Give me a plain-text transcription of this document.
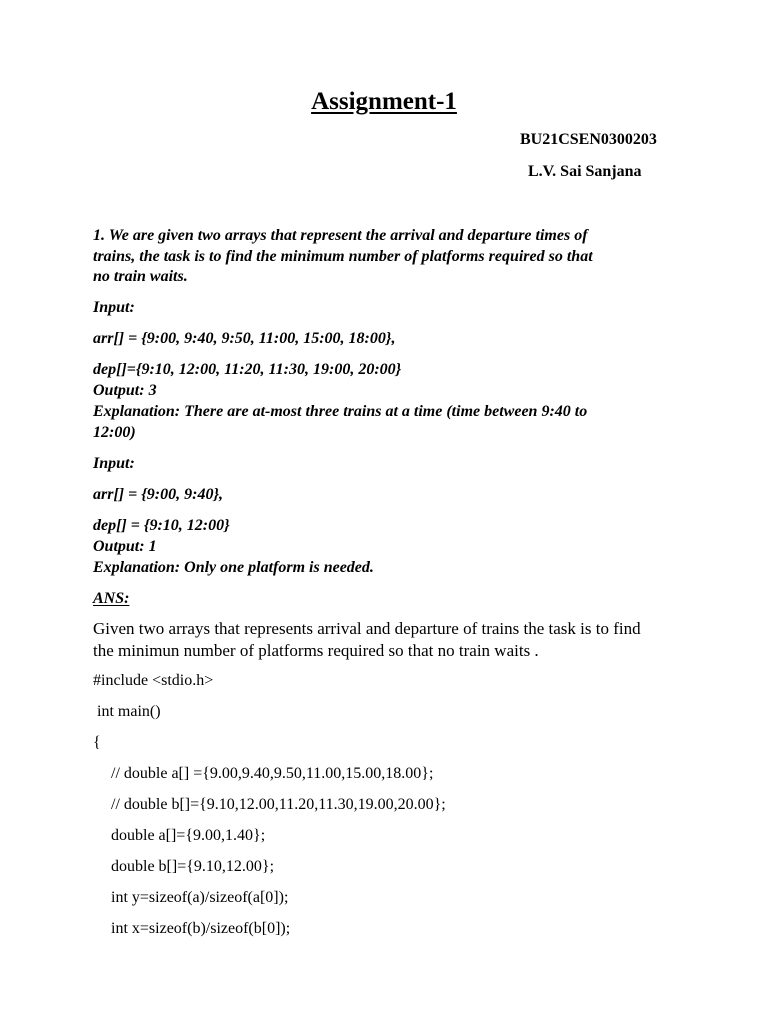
Assignment-1
BU21CSEN0300203
L.V. Sai Sanjana

1. We are given two arrays that represent the arrival and departure times of

trains, the task is to find the minimum number of platforms required so that

no train waits.

Input:

arr[] = {9:00, 9:40, 9:50, 11:00, 15:00, 18:00},

dep[]={9:10, 12:00, 11:20, 11:30, 19:00, 20:00}

Output: 3

Explanation: There are at-most three trains at a time (time between 9:40 to

12:00)

Input:

arr[] = {9:00, 9:40},

dep[] = {9:10, 12:00}

Output: 1

Explanation: Only one platform is needed.

ANS:

Given two arrays that represents arrival and departure of trains the task is to find

the minimun number of platforms required so that no train waits .

#include <stdio.h>

int main()

{

// double a[] ={9.00,9.40,9.50,11.00,15.00,18.00};

// double b[]={9.10,12.00,11.20,11.30,19.00,20.00};

double a[]={9.00,1.40};

double b[]={9.10,12.00};

int y=sizeof(a)/sizeof(a[0]);

int x=sizeof(b)/sizeof(b[0]);
